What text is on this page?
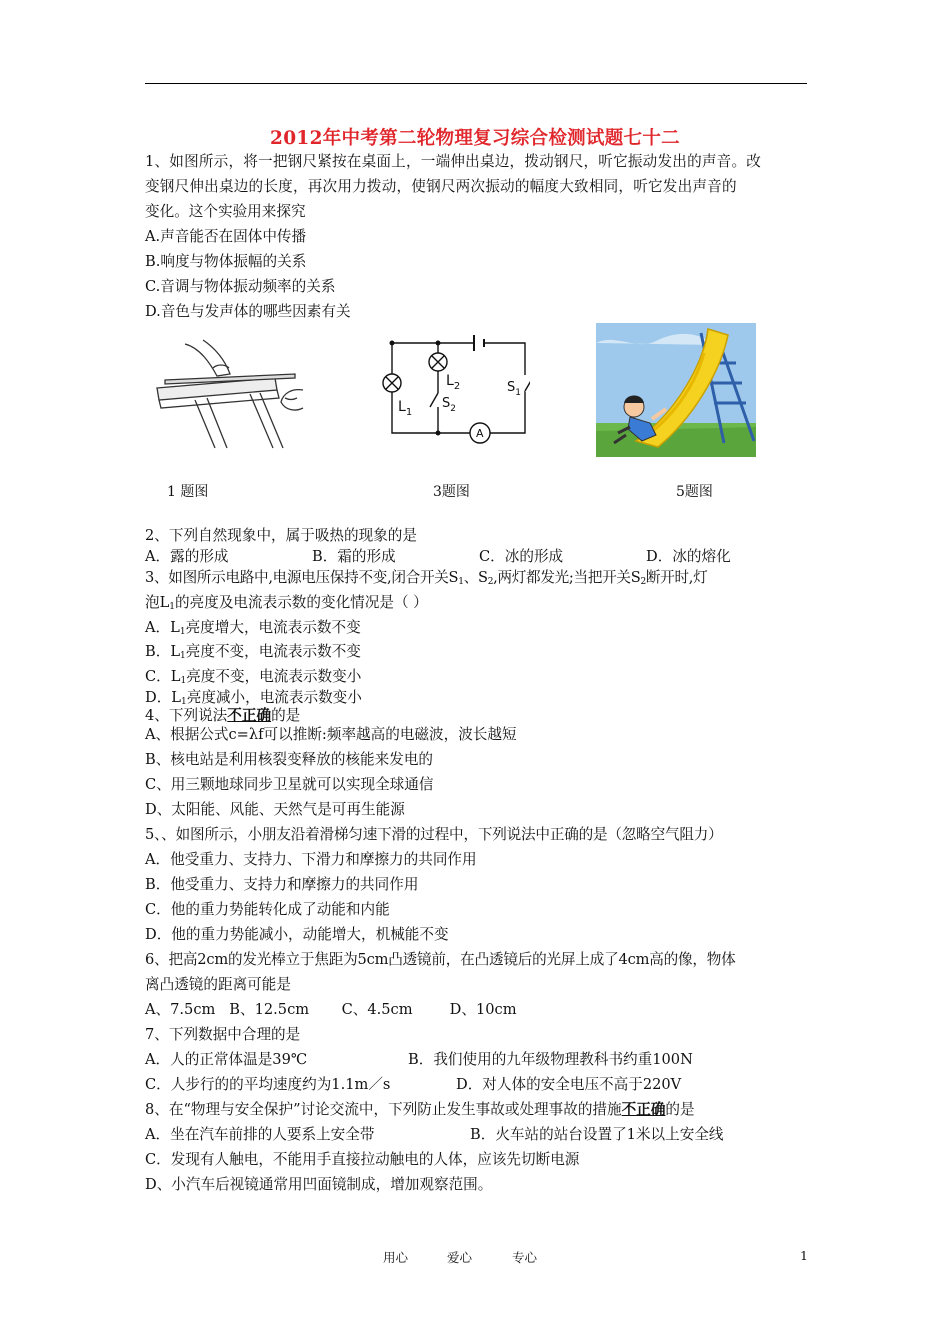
2012年中考第二轮物理复习综合检测试题七十二
1、如图所示，将一把钢尺紧按在桌面上，一端伸出桌边，拨动钢尺，听它振动发出的声音。改
变钢尺伸出桌边的长度，再次用力拨动，使钢尺两次振动的幅度大致相同，听它发出声音的
变化。这个实验用来探究
A.声音能否在固体中传播
B.响度与物体振幅的关系
C.音调与物体振动频率的关系
D.音色与发声体的哪些因素有关
A
$L_1$
$L_2$
$S_2$
$S_1$
1 题图	3题图	5题图
2、下列自然现象中，属于吸热的现象的是
A．露的形成	B．霜的形成	C．冰的形成	D．冰的熔化
3、如图所示电路中,电源电压保持不变,闭合开关$S_1$、$S_2$,两灯都发光;当把开关$S_2$断开时,灯
泡$L_1$的亮度及电流表示数的变化情况是（ ）
A．$L_1$亮度增大，电流表示数不变
B．$L_1$亮度不变，电流表示数不变
C．$L_1$亮度不变，电流表示数变小
D．$L_1$亮度减小，电流表示数变小
4、下列说法不正确的是
A、根据公式c=λf可以推断:频率越高的电磁波，波长越短
B、核电站是利用核裂变释放的核能来发电的
C、用三颗地球同步卫星就可以实现全球通信
D、太阳能、风能、天然气是可再生能源
5、、如图所示，小朋友沿着滑梯匀速下滑的过程中，下列说法中正确的是（忽略空气阻力）
A．他受重力、支持力、下滑力和摩擦力的共同作用
B．他受重力、支持力和摩擦力的共同作用
C．他的重力势能转化成了动能和内能
D．他的重力势能减小，动能增大，机械能不变
6、把高2cm的发光棒立于焦距为5cm凸透镜前，在凸透镜后的光屏上成了4cm高的像，物体
离凸透镜的距离可能是
A、7.5cm   B、12.5cm       C、4.5cm        D、10cm
7、下列数据中合理的是
A．人的正常体温是39℃	B．我们使用的九年级物理教科书约重100N
C．人步行的的平均速度约为1.1m／s	D．对人体的安全电压不高于220V
8、在“物理与安全保护”讨论交流中，下列防止发生事故或处理事故的措施不正确的是
A．坐在汽车前排的人要系上安全带	B．火车站的站台设置了1米以上安全线
C．发现有人触电，不能用手直接拉动触电的人体，应该先切断电源
D、小汽车后视镜通常用凹面镜制成，增加观察范围。
用心	爱心	专心	1
